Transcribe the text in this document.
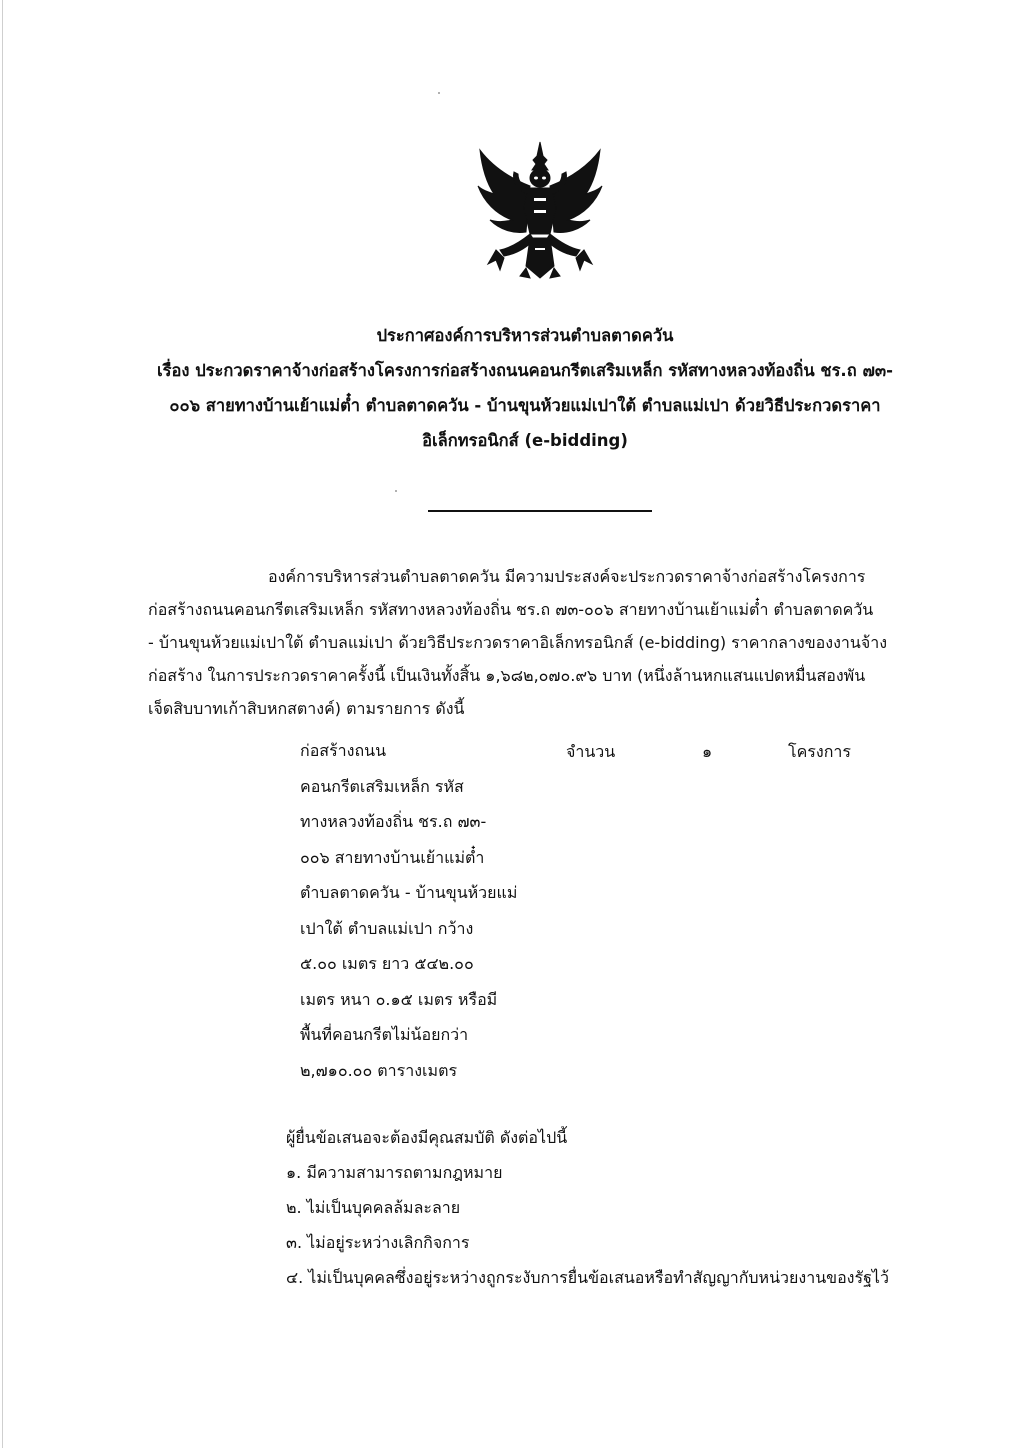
ประกาศองค์การบริหารส่วนตำบลตาดควัน
เรื่อง ประกวดราคาจ้างก่อสร้างโครงการก่อสร้างถนนคอนกรีตเสริมเหล็ก รหัสทางหลวงท้องถิ่น ชร.ถ ๗๓-
๐๐๖ สายทางบ้านเย้าแม่ต๋ำ ตำบลตาดควัน - บ้านขุนห้วยแม่เปาใต้ ตำบลแม่เปา ด้วยวิธีประกวดราคา
อิเล็กทรอนิกส์ (e-bidding)
องค์การบริหารส่วนตำบลตาดควัน มีความประสงค์จะประกวดราคาจ้างก่อสร้างโครงการ
ก่อสร้างถนนคอนกรีตเสริมเหล็ก รหัสทางหลวงท้องถิ่น ชร.ถ ๗๓-๐๐๖ สายทางบ้านเย้าแม่ต๋ำ ตำบลตาดควัน
- บ้านขุนห้วยแม่เปาใต้ ตำบลแม่เปา ด้วยวิธีประกวดราคาอิเล็กทรอนิกส์ (e-bidding) ราคากลางของงานจ้าง
ก่อสร้าง ในการประกวดราคาครั้งนี้ เป็นเงินทั้งสิ้น ๑,๖๘๒,๐๗๐.๙๖ บาท (หนึ่งล้านหกแสนแปดหมื่นสองพัน
เจ็ดสิบบาทเก้าสิบหกสตางค์) ตามรายการ ดังนี้
ก่อสร้างถนน
คอนกรีตเสริมเหล็ก รหัส
ทางหลวงท้องถิ่น ชร.ถ ๗๓-
๐๐๖ สายทางบ้านเย้าแม่ต๋ำ
ตำบลตาดควัน - บ้านขุนห้วยแม่
เปาใต้ ตำบลแม่เปา กว้าง
๕.๐๐ เมตร ยาว ๕๔๒.๐๐
เมตร หนา ๐.๑๕ เมตร หรือมี
พื้นที่คอนกรีตไม่น้อยกว่า
๒,๗๑๐.๐๐ ตารางเมตร
จำนวน	๑	โครงการ
ผู้ยื่นข้อเสนอจะต้องมีคุณสมบัติ ดังต่อไปนี้
๑. มีความสามารถตามกฎหมาย
๒. ไม่เป็นบุคคลล้มละลาย
๓. ไม่อยู่ระหว่างเลิกกิจการ
๔. ไม่เป็นบุคคลซึ่งอยู่ระหว่างถูกระงับการยื่นข้อเสนอหรือทำสัญญากับหน่วยงานของรัฐไว้
